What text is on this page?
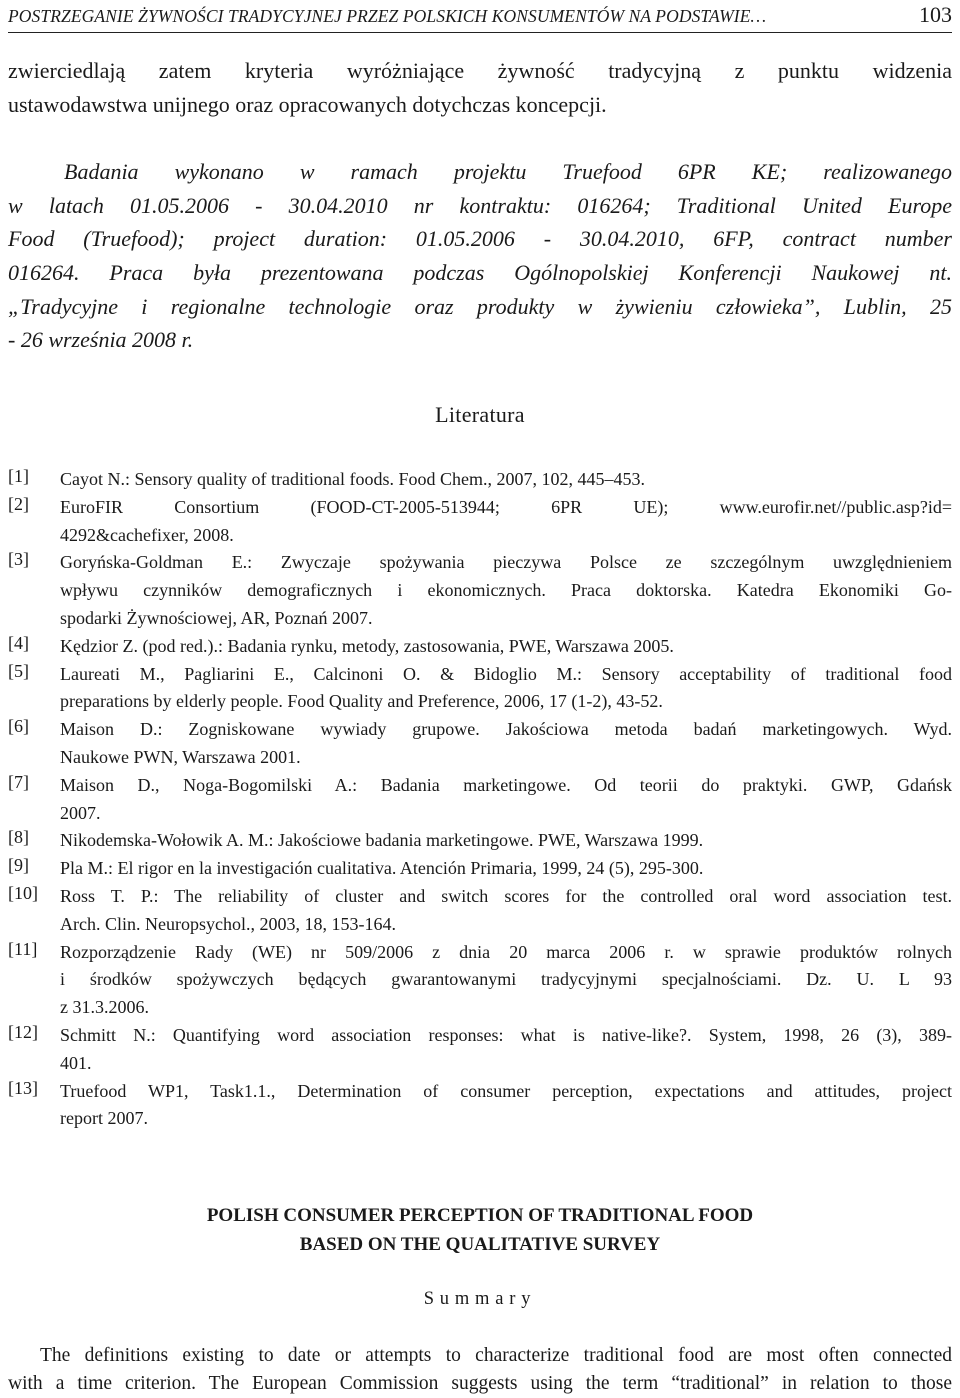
POSTRZEGANIE ŻYWNOŚCI TRADYCYJNEJ PRZEZ POLSKICH KONSUMENTÓW NA PODSTAWIE…	103
zwierciedlają zatem kryteria wyróżniające żywność tradycyjną z punktu widzenia
ustawodawstwa unijnego oraz opracowanych dotychczas koncepcji.
Badania wykonano w ramach projektu Truefood 6PR KE; realizowanego
w latach 01.05.2006 - 30.04.2010 nr kontraktu: 016264; Traditional United Europe
Food (Truefood); project duration: 01.05.2006 - 30.04.2010, 6FP, contract number
016264. Praca była prezentowana podczas Ogólnopolskiej Konferencji Naukowej nt.
„Tradycyjne i regionalne technologie oraz produkty w żywieniu człowieka”, Lublin, 25
- 26 września 2008 r.
Literatura
[1] Cayot N.: Sensory quality of traditional foods. Food Chem., 2007, 102, 445–453.
[2] EuroFIR Consortium (FOOD-CT-2005-513944; 6PR UE); www.eurofir.net//public.asp?id=
4292&cachefixer, 2008.
[3] Goryńska-Goldman E.: Zwyczaje spożywania pieczywa Polsce ze szczególnym uwzględnieniem
wpływu czynników demograficznych i ekonomicznych. Praca doktorska. Katedra Ekonomiki Go-
spodarki Żywnościowej, AR, Poznań 2007.
[4] Kędzior Z. (pod red.).: Badania rynku, metody, zastosowania, PWE, Warszawa 2005.
[5] Laureati M., Pagliarini E., Calcinoni O. & Bidoglio M.: Sensory acceptability of traditional food
preparations by elderly people. Food Quality and Preference, 2006, 17 (1-2), 43-52.
[6] Maison D.: Zogniskowane wywiady grupowe. Jakościowa metoda badań marketingowych. Wyd.
Naukowe PWN, Warszawa 2001.
[7] Maison D., Noga-Bogomilski A.: Badania marketingowe. Od teorii do praktyki. GWP, Gdańsk
2007.
[8] Nikodemska-Wołowik A. M.: Jakościowe badania marketingowe. PWE, Warszawa 1999.
[9] Pla M.: El rigor en la investigación cualitativa. Atención Primaria, 1999, 24 (5), 295-300.
[10] Ross T. P.: The reliability of cluster and switch scores for the controlled oral word association test.
Arch. Clin. Neuropsychol., 2003, 18, 153-164.
[11] Rozporządzenie Rady (WE) nr 509/2006 z dnia 20 marca 2006 r. w sprawie produktów rolnych
i środków spożywczych będących gwarantowanymi tradycyjnymi specjalnościami. Dz. U. L 93
z 31.3.2006.
[12] Schmitt N.: Quantifying word association responses: what is native-like?. System, 1998, 26 (3), 389-
401.
[13] Truefood WP1, Task1.1., Determination of consumer perception, expectations and attitudes, project
report 2007.
POLISH CONSUMER PERCEPTION OF TRADITIONAL FOOD
BASED ON THE QUALITATIVE SURVEY
Summary
The definitions existing to date or attempts to characterize traditional food are most often connected
with a time criterion. The European Commission suggests using the term “traditional” in relation to those
